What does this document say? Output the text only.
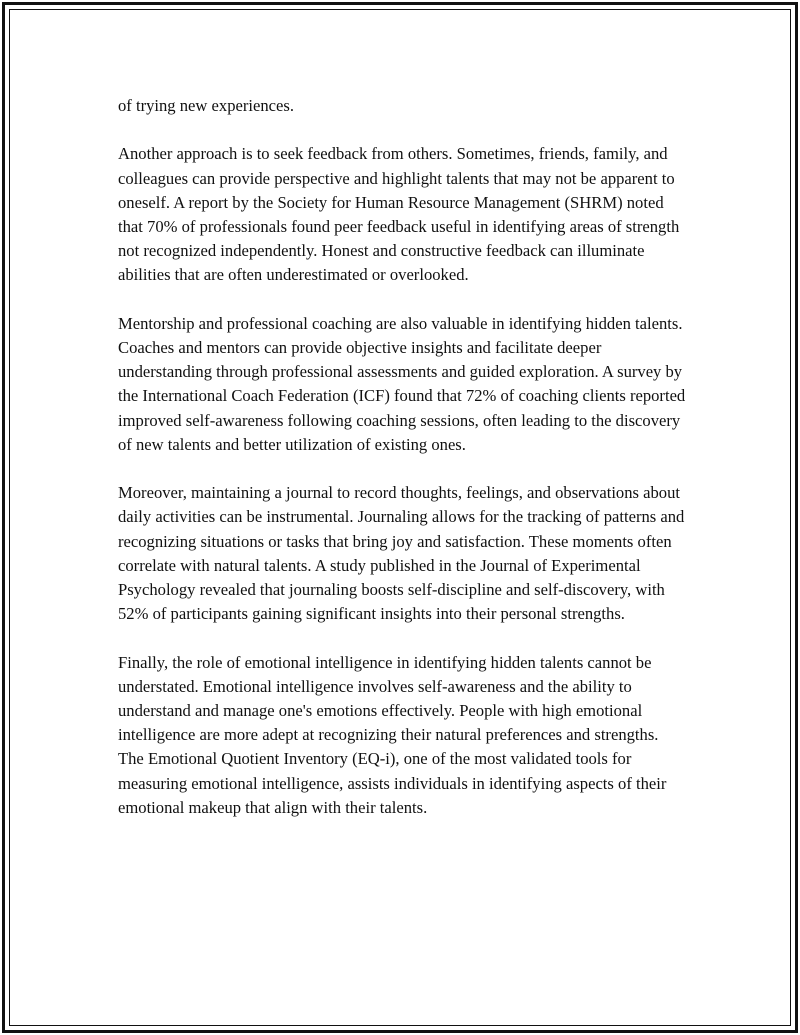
of trying new experiences.

Another approach is to seek feedback from others. Sometimes, friends, family, and colleagues can provide perspective and highlight talents that may not be apparent to oneself. A report by the Society for Human Resource Management (SHRM) noted that 70% of professionals found peer feedback useful in identifying areas of strength not recognized independently. Honest and constructive feedback can illuminate abilities that are often underestimated or overlooked.

Mentorship and professional coaching are also valuable in identifying hidden talents. Coaches and mentors can provide objective insights and facilitate deeper understanding through professional assessments and guided exploration. A survey by the International Coach Federation (ICF) found that 72% of coaching clients reported improved self-awareness following coaching sessions, often leading to the discovery of new talents and better utilization of existing ones.

Moreover, maintaining a journal to record thoughts, feelings, and observations about daily activities can be instrumental. Journaling allows for the tracking of patterns and recognizing situations or tasks that bring joy and satisfaction. These moments often correlate with natural talents. A study published in the Journal of Experimental Psychology revealed that journaling boosts self-discipline and self-discovery, with 52% of participants gaining significant insights into their personal strengths.

Finally, the role of emotional intelligence in identifying hidden talents cannot be understated. Emotional intelligence involves self-awareness and the ability to understand and manage one's emotions effectively. People with high emotional intelligence are more adept at recognizing their natural preferences and strengths. The Emotional Quotient Inventory (EQ-i), one of the most validated tools for measuring emotional intelligence, assists individuals in identifying aspects of their emotional makeup that align with their talents.
